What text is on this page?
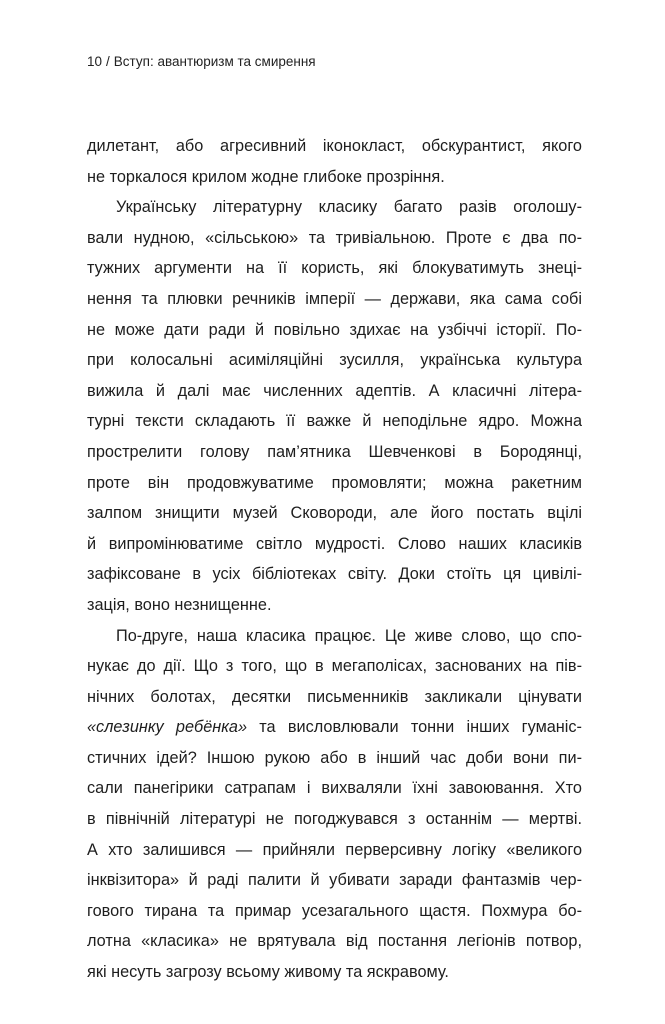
10 / Вступ: авантюризм та смирення
дилетант, або агресивний іконокласт, обскурантист, якого
не торкалося крилом жодне глибоке прозріння.
Українську літературну класику багато разів оголошу-
вали нудною, «сільською» та тривіальною. Проте є два по-
тужних аргументи на її користь, які блокуватимуть знеці-
нення та плювки речників імперії — держави, яка сама собі
не може дати ради й повільно здихає на узбіччі історії. По-
при колосальні асиміляційні зусилля, українська культура
вижила й далі має численних адептів. А класичні літера-
турні тексти складають її важке й неподільне ядро. Можна
прострелити голову пам’ятника Шевченкові в Бородянці,
проте він продовжуватиме промовляти; можна ракетним
залпом знищити музей Сковороди, але його постать вцілі
й випромінюватиме світло мудрості. Слово наших класиків
зафіксоване в усіх бібліотеках світу. Доки стоїть ця цивілі-
зація, воно незнищенне.
По-друге, наша класика працює. Це живе слово, що спо-
нукає до дії. Що з того, що в мегаполісах, заснованих на пів-
нічних болотах, десятки письменників закликали цінувати
«слезинку ребёнка» та висловлювали тонни інших гуманіс-
стичних ідей? Іншою рукою або в інший час доби вони пи-
сали панегірики сатрапам і вихваляли їхні завоювання. Хто
в північній літературі не погоджувався з останнім — мертві.
А хто залишився — прийняли перверсивну логіку «великого
інквізитора» й раді палити й убивати заради фантазмів чер-
гового тирана та примар усезагального щастя. Похмура бо-
лотна «класика» не врятувала від постання легіонів потвор,
які несуть загрозу всьому живому та яскравому.
